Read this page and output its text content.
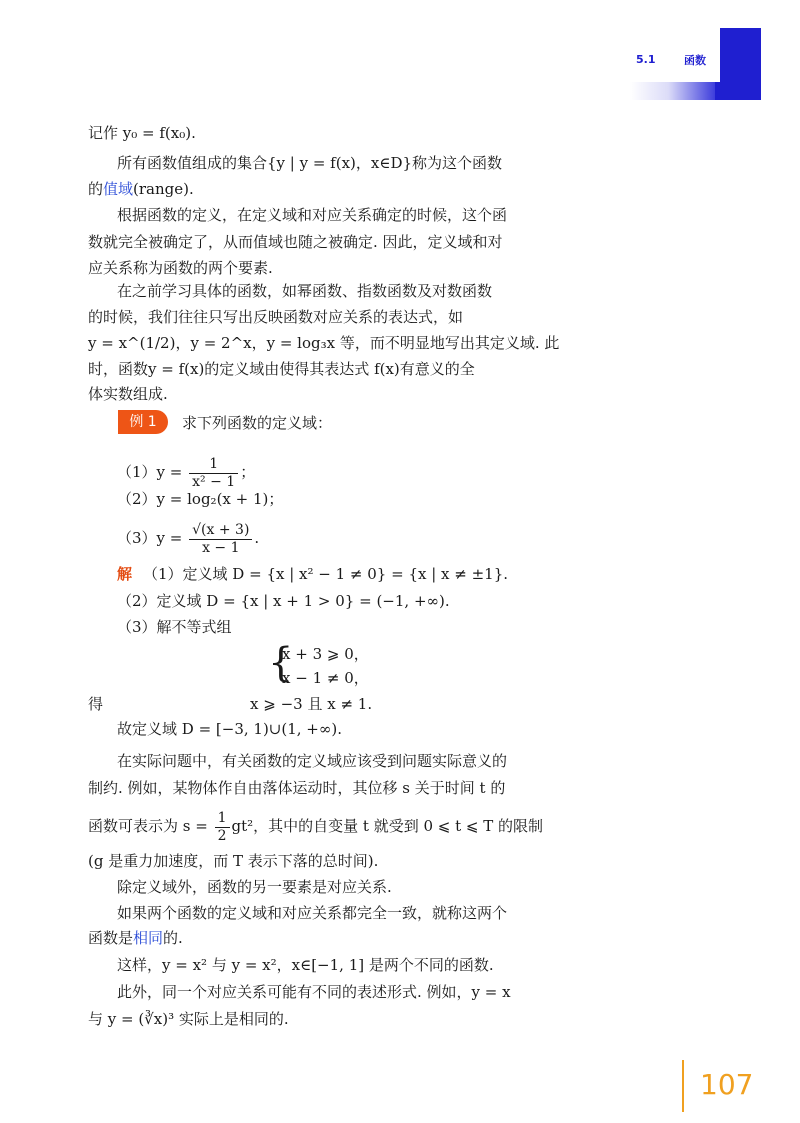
5.1	函数
记作 y₀ = f(x₀).
所有函数值组成的集合{y | y = f(x)，x∈D}称为这个函数
的值域(range).
根据函数的定义，在定义域和对应关系确定的时候，这个函
数就完全被确定了，从而值域也随之被确定. 因此，定义域和对
应关系称为函数的两个要素.
在之前学习具体的函数，如幂函数、指数函数及对数函数
的时候，我们往往只写出反映函数对应关系的表达式，如
y = x^(1/2)，y = 2^x，y = log₃x 等，而不明显地写出其定义域. 此
时，函数y = f(x)的定义域由使得其表达式 f(x)有意义的全
体实数组成.
例 1	求下列函数的定义域：
$(1)y = \frac{1}{\text{x² − 1}}$ ；
（2）y = log₂(x + 1)；
$(3)y = \frac{√(x + 3)}{x - 1}$ .
解 （1）定义域 D = {x | x² − 1 ≠ 0} = {x | x ≠ ±1}.
（2）定义域 D = {x | x + 1 > 0} = (−1, +∞).
（3）解不等式组
{
x + 3 ⩾ 0，
x − 1 ≠ 0，
得	x ⩾ −3 且 x ≠ 1.
故定义域 D = [−3, 1)∪(1, +∞).
在实际问题中，有关函数的定义域应该受到问题实际意义的
制约. 例如，某物体作自由落体运动时，其位移 s 关于时间 t 的
函数可表示为 $s = \frac{1}{2} gt^2$，其中的自变量 t 就受到 0 ⩽ t ⩽ T 的限制
(g 是重力加速度，而 T 表示下落的总时间).
除定义域外，函数的另一要素是对应关系.
如果两个函数的定义域和对应关系都完全一致，就称这两个
函数是相同的.
这样，y = x² 与 y = x²，x∈[−1, 1] 是两个不同的函数.
此外，同一个对应关系可能有不同的表述形式. 例如，y = x
与 y = (∛x)³ 实际上是相同的.
107
